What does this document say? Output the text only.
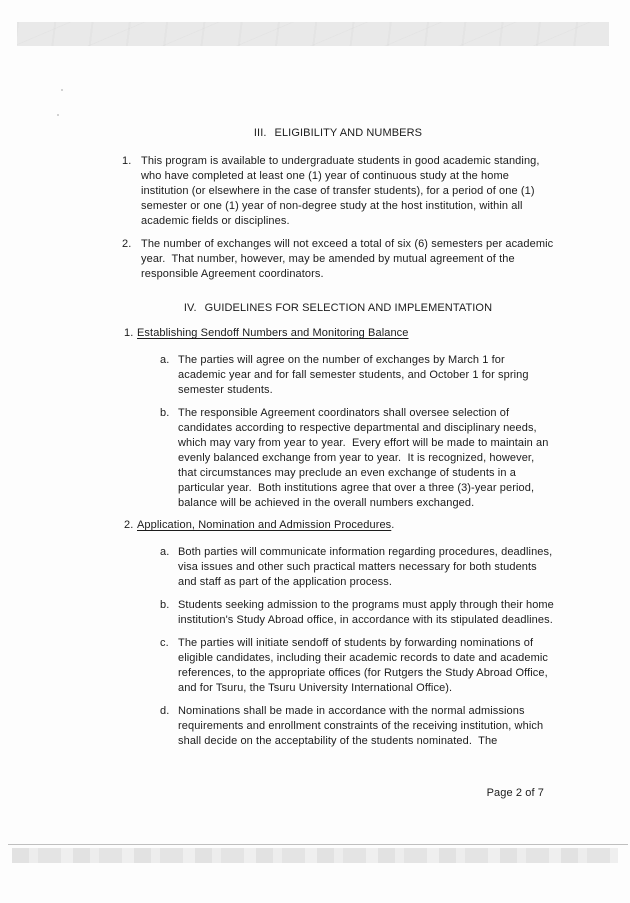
III. ELIGIBILITY AND NUMBERS
1. This program is available to undergraduate students in good academic standing, who have completed at least one (1) year of continuous study at the home institution (or elsewhere in the case of transfer students), for a period of one (1) semester or one (1) year of non-degree study at the host institution, within all academic fields or disciplines.
2. The number of exchanges will not exceed a total of six (6) semesters per academic year.  That number, however, may be amended by mutual agreement of the responsible Agreement coordinators.
IV. GUIDELINES FOR SELECTION AND IMPLEMENTATION
1. Establishing Sendoff Numbers and Monitoring Balance
a. The parties will agree on the number of exchanges by March 1 for academic year and for fall semester students, and October 1 for spring semester students.
b. The responsible Agreement coordinators shall oversee selection of candidates according to respective departmental and disciplinary needs, which may vary from year to year.  Every effort will be made to maintain an evenly balanced exchange from year to year.  It is recognized, however, that circumstances may preclude an even exchange of students in a particular year.  Both institutions agree that over a three (3)-year period, balance will be achieved in the overall numbers exchanged.
2. Application, Nomination and Admission Procedures.
a. Both parties will communicate information regarding procedures, deadlines, visa issues and other such practical matters necessary for both students and staff as part of the application process.
b. Students seeking admission to the programs must apply through their home institution's Study Abroad office, in accordance with its stipulated deadlines.
c. The parties will initiate sendoff of students by forwarding nominations of eligible candidates, including their academic records to date and academic references, to the appropriate offices (for Rutgers the Study Abroad Office, and for Tsuru, the Tsuru University International Office).
d. Nominations shall be made in accordance with the normal admissions requirements and enrollment constraints of the receiving institution, which shall decide on the acceptability of the students nominated.  The
Page 2 of 7
